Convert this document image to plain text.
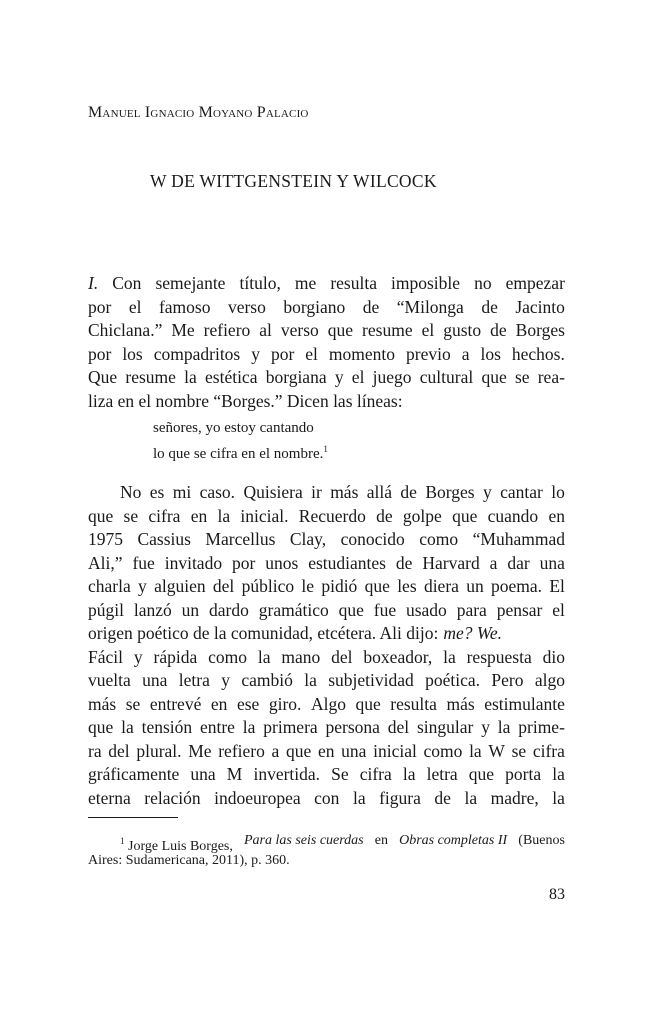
Manuel Ignacio Moyano Palacio
W DE WITTGENSTEIN Y WILCOCK
I. Con semejante título, me resulta imposible no empezar
por el famoso verso borgiano de “Milonga de Jacinto
Chiclana.” Me refiero al verso que resume el gusto de Borges
por los compadritos y por el momento previo a los hechos.
Que resume la estética borgiana y el juego cultural que se rea-
liza en el nombre “Borges.” Dicen las líneas:
señores, yo estoy cantando
lo que se cifra en el nombre.$^1$
No es mi caso. Quisiera ir más allá de Borges y cantar lo
que se cifra en la inicial. Recuerdo de golpe que cuando en
1975 Cassius Marcellus Clay, conocido como “Muhammad
Ali,” fue invitado por unos estudiantes de Harvard a dar una
charla y alguien del público le pidió que les diera un poema. El
púgil lanzó un dardo gramático que fue usado para pensar el
origen poético de la comunidad, etcétera. Ali dijo: me? We.
Fácil y rápida como la mano del boxeador, la respuesta dio
vuelta una letra y cambió la subjetividad poética. Pero algo
más se entrevé en ese giro. Algo que resulta más estimulante
que la tensión entre la primera persona del singular y la prime-
ra del plural. Me refiero a que en una inicial como la W se cifra
gráficamente una M invertida. Se cifra la letra que porta la
eterna relación indoeuropea con la figura de la madre, la
$^1$ Jorge Luis Borges, Para las seis cuerdas en Obras completas II (Buenos
Aires: Sudamericana, 2011), p. 360.
83
